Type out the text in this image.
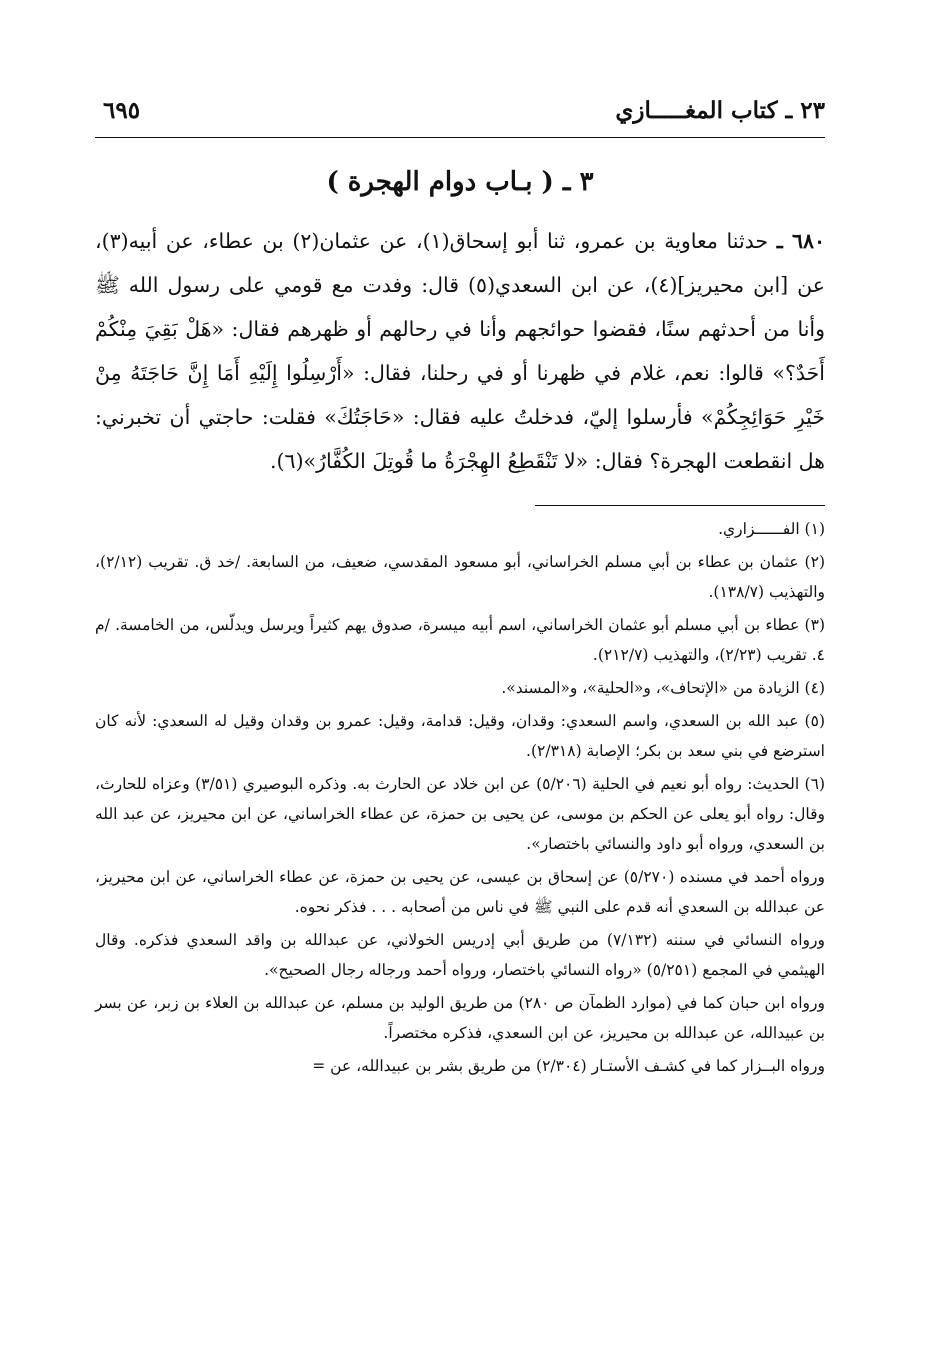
٢٣ ـ كتاب المغـــــازي
٦٩٥
٣ ـ ( بـاب دوام الهجرة )

٦٨٠ ـ حدثنا معاوية بن عمرو، ثنا أبو إسحاق(١)، عن عثمان(٢) بن عطاء، عن أبيه(٣)، عن [ابن محيريز](٤)، عن ابن السعدي(٥) قال: وفدت مع قومي على رسول الله ﷺ وأنا من أحدثهم سنًا، فقضوا حوائجهم وأنا في رحالهم أو ظهرهم فقال: «هَلْ بَقِيَ مِنْكُمْ أَحَدٌ؟» قالوا: نعم، غلام في ظهرنا أو في رحلنا، فقال: «أَرْسِلُوا إِلَيْهِ أَمَا إِنَّ حَاجَتَهُ مِنْ خَيْرِ حَوَائِجِكُمْ» فأرسلوا إليّ، فدخلتُ عليه فقال: «حَاجَتُكَ» فقلت: حاجتي أن تخبرني: هل انقطعت الهجرة؟ فقال: «لا تَنْقَطِعُ الهِجْرَةُ ما قُوتِلَ الكُفَّارُ»(٦).

(١) الفــــــزاري.

(٢) عثمان بن عطاء بن أبي مسلم الخراساني، أبو مسعود المقدسي، ضعيف، من السابعة. /خد ق. تقريب (٢/١٢)، والتهذيب (١٣٨/٧).

(٣) عطاء بن أبي مسلم أبو عثمان الخراساني، اسم أبيه ميسرة، صدوق يهم كثيراً ويرسل ويدلّس، من الخامسة. /م ٤. تقريب (٢/٢٣)، والتهذيب (٢١٢/٧).

(٤) الزيادة من «الإتحاف»، و«الحلية»، و«المسند».

(٥) عبد الله بن السعدي، واسم السعدي: وقدان، وقيل: قدامة، وقيل: عمرو بن وقدان وقيل له السعدي: لأنه كان استرضع في بني سعد بن بكر؛ الإصابة (٢/٣١٨).

(٦) الحديث: رواه أبو نعيم في الحلية (٥/٢٠٦) عن ابن خلاد عن الحارث به. وذكره البوصيري (٣/٥١) وعزاه للحارث، وقال: رواه أبو يعلى عن الحكم بن موسى، عن يحيى بن حمزة، عن عطاء الخراساني، عن ابن محيريز، عن عبد الله بن السعدي، ورواه أبو داود والنسائي باختصار».

ورواه أحمد في مسنده (٥/٢٧٠) عن إسحاق بن عيسى، عن يحيى بن حمزة، عن عطاء الخراساني، عن ابن محيريز، عن عبدالله بن السعدي أنه قدم على النبي ﷺ في ناس من أصحابه . . . فذكر نحوه.

ورواه النسائي في سننه (٧/١٣٢) من طريق أبي إدريس الخولاني، عن عبدالله بن واقد السعدي فذكره. وقال الهيثمي في المجمع (٥/٢٥١) «رواه النسائي باختصار، ورواه أحمد ورجاله رجال الصحيح».

ورواه ابن حبان كما في (موارد الظمآن ص ٢٨٠) من طريق الوليد بن مسلم، عن عبدالله بن العلاء بن زبر، عن بسر بن عبيدالله، عن عبدالله بن محيريز، عن ابن السعدي، فذكره مختصراً.

ورواه البــزار كما في كشـف الأستـار (٢/٣٠٤) من طريق بشر بن عبيدالله، عن =
